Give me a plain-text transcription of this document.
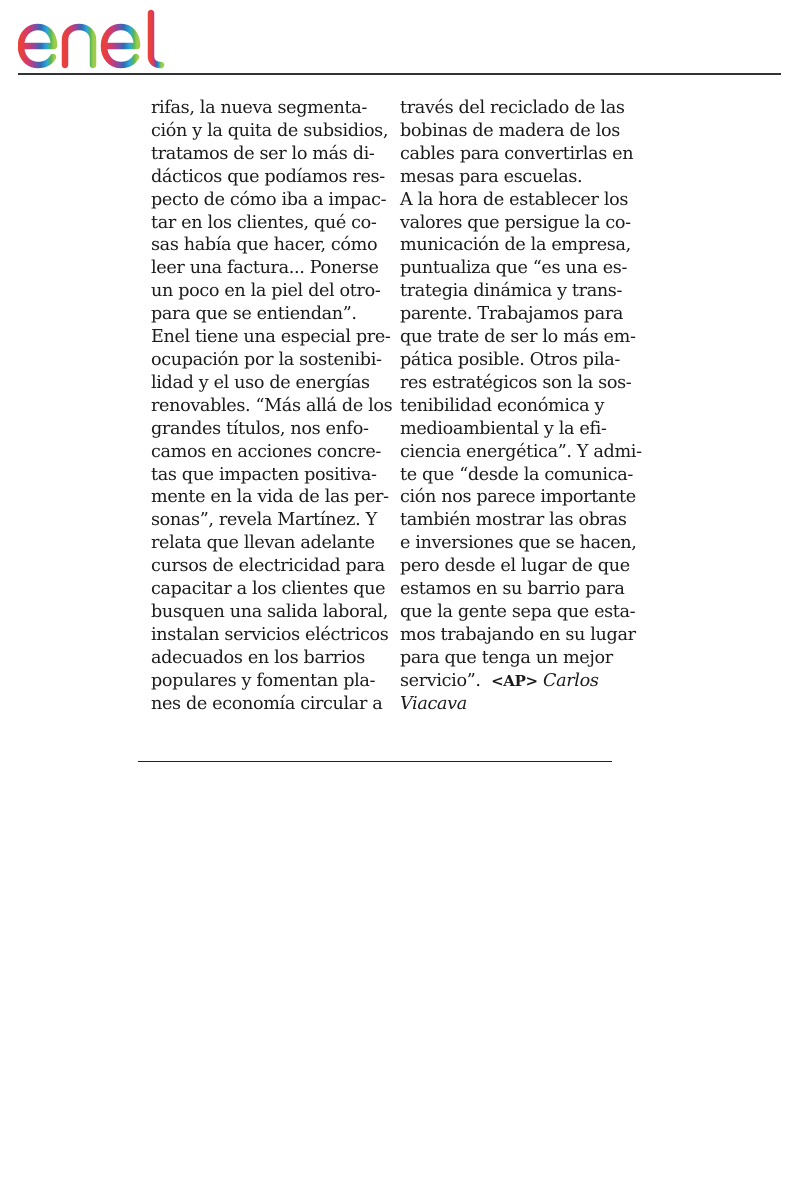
rifas, la nueva segmenta-
ción y la quita de subsidios,
tratamos de ser lo más di-
dácticos que podíamos res-
pecto de cómo iba a impac-
tar en los clientes, qué co-
sas había que hacer, cómo
leer una factura... Ponerse
un poco en la piel del otro-
para que se entiendan”.
Enel tiene una especial pre-
ocupación por la sostenibi-
lidad y el uso de energías
renovables. “Más allá de los
grandes títulos, nos enfo-
camos en acciones concre-
tas que impacten positiva-
mente en la vida de las per-
sonas”, revela Martínez. Y
relata que llevan adelante
cursos de electricidad para
capacitar a los clientes que
busquen una salida laboral,
instalan servicios eléctricos
adecuados en los barrios
populares y fomentan pla-
nes de economía circular a
través del reciclado de las
bobinas de madera de los
cables para convertirlas en
mesas para escuelas.
A la hora de establecer los
valores que persigue la co-
municación de la empresa,
puntualiza que “es una es-
trategia dinámica y trans-
parente. Trabajamos para
que trate de ser lo más em-
pática posible. Otros pila-
res estratégicos son la sos-
tenibilidad económica y
medioambiental y la efi-
ciencia energética”. Y admi-
te que “desde la comunica-
ción nos parece importante
también mostrar las obras
e inversiones que se hacen,
pero desde el lugar de que
estamos en su barrio para
que la gente sepa que esta-
mos trabajando en su lugar
para que tenga un mejor
servicio”. <AP> Carlos
Viacava
